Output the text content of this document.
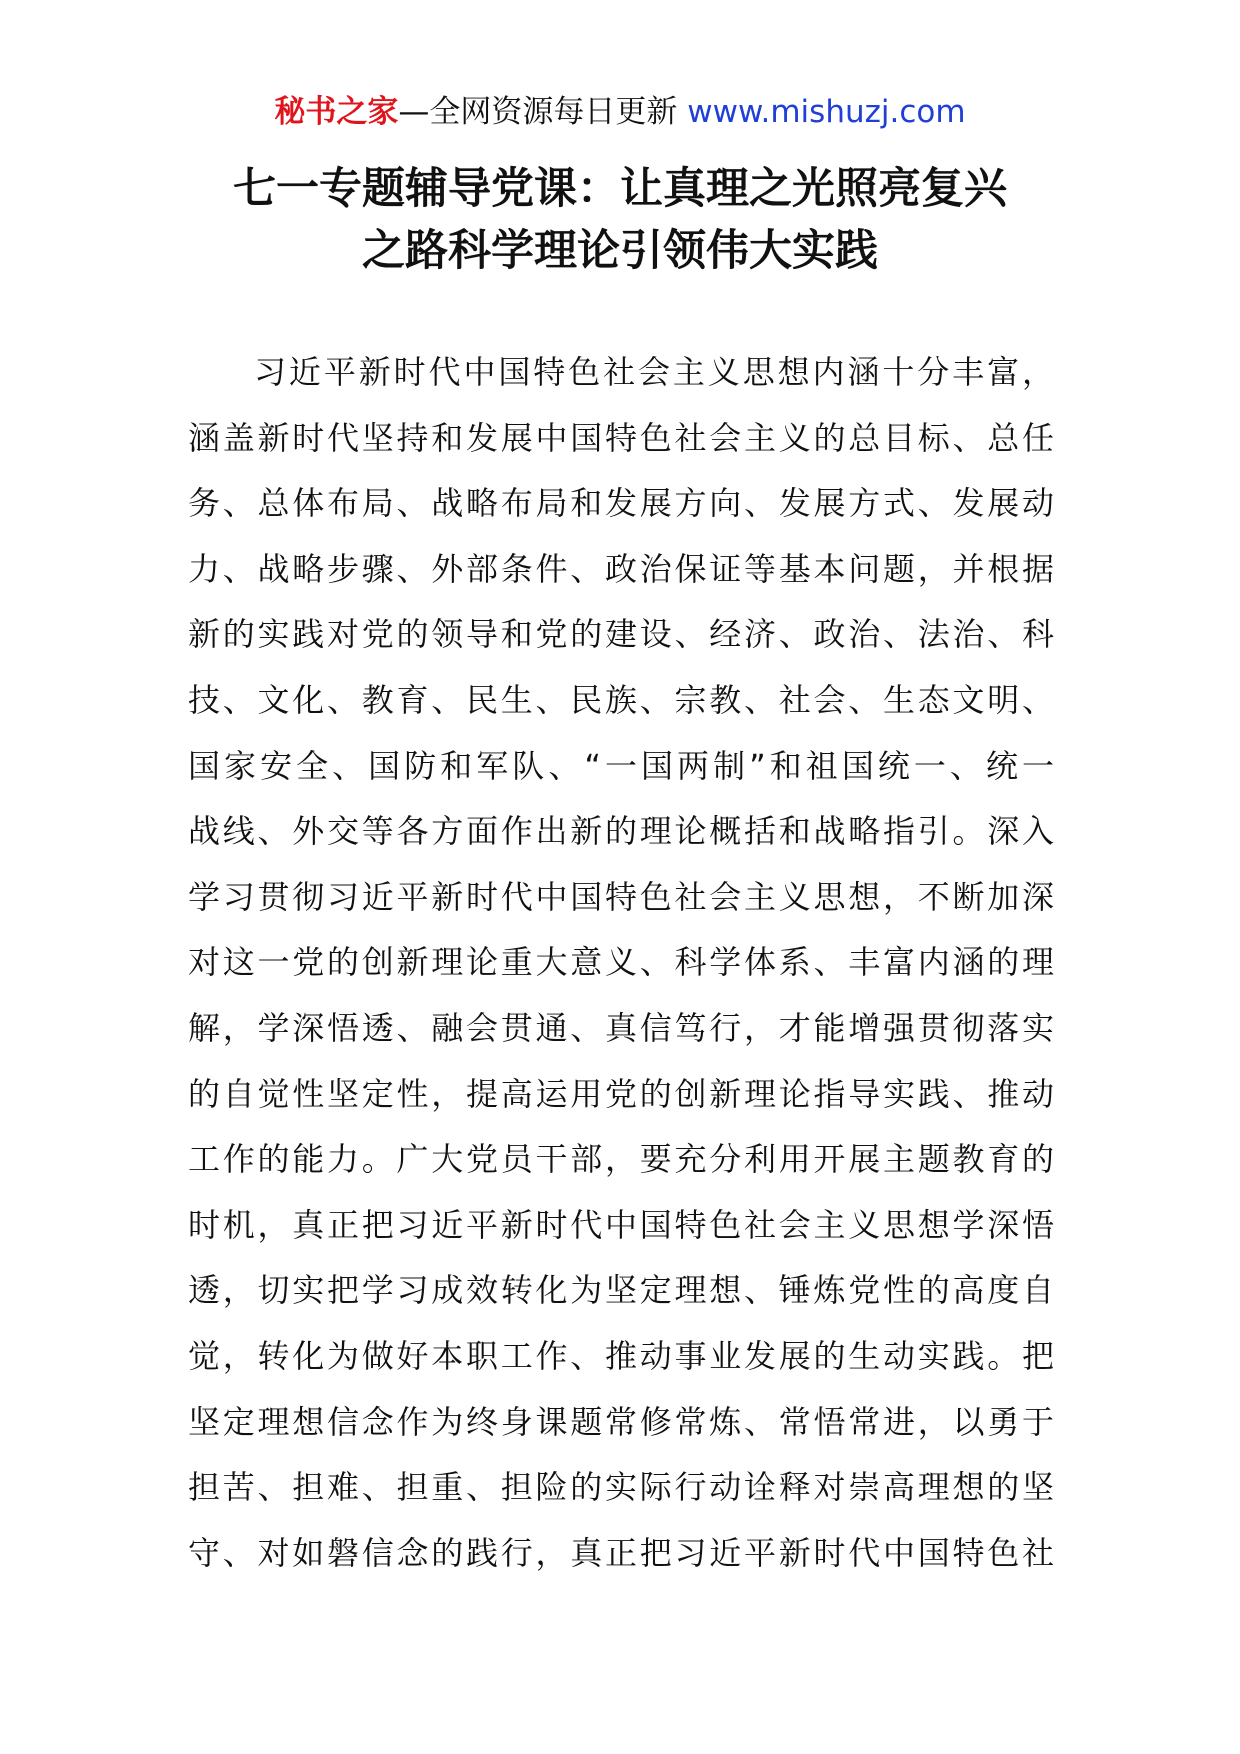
秘书之家—全网资源每日更新 www.mishuzj.com
七一专题辅导党课：让真理之光照亮复兴
之路科学理论引领伟大实践
习近平新时代中国特色社会主义思想内涵十分丰富，
涵盖新时代坚持和发展中国特色社会主义的总目标、总任
务、总体布局、战略布局和发展方向、发展方式、发展动
力、战略步骤、外部条件、政治保证等基本问题，并根据
新的实践对党的领导和党的建设、经济、政治、法治、科
技、文化、教育、民生、民族、宗教、社会、生态文明、
国家安全、国防和军队、“一国两制”和祖国统一、统一
战线、外交等各方面作出新的理论概括和战略指引。深入
学习贯彻习近平新时代中国特色社会主义思想，不断加深
对这一党的创新理论重大意义、科学体系、丰富内涵的理
解，学深悟透、融会贯通、真信笃行，才能增强贯彻落实
的自觉性坚定性，提高运用党的创新理论指导实践、推动
工作的能力。广大党员干部，要充分利用开展主题教育的
时机，真正把习近平新时代中国特色社会主义思想学深悟
透，切实把学习成效转化为坚定理想、锤炼党性的高度自
觉，转化为做好本职工作、推动事业发展的生动实践。把
坚定理想信念作为终身课题常修常炼、常悟常进，以勇于
担苦、担难、担重、担险的实际行动诠释对崇高理想的坚
守、对如磐信念的践行，真正把习近平新时代中国特色社
